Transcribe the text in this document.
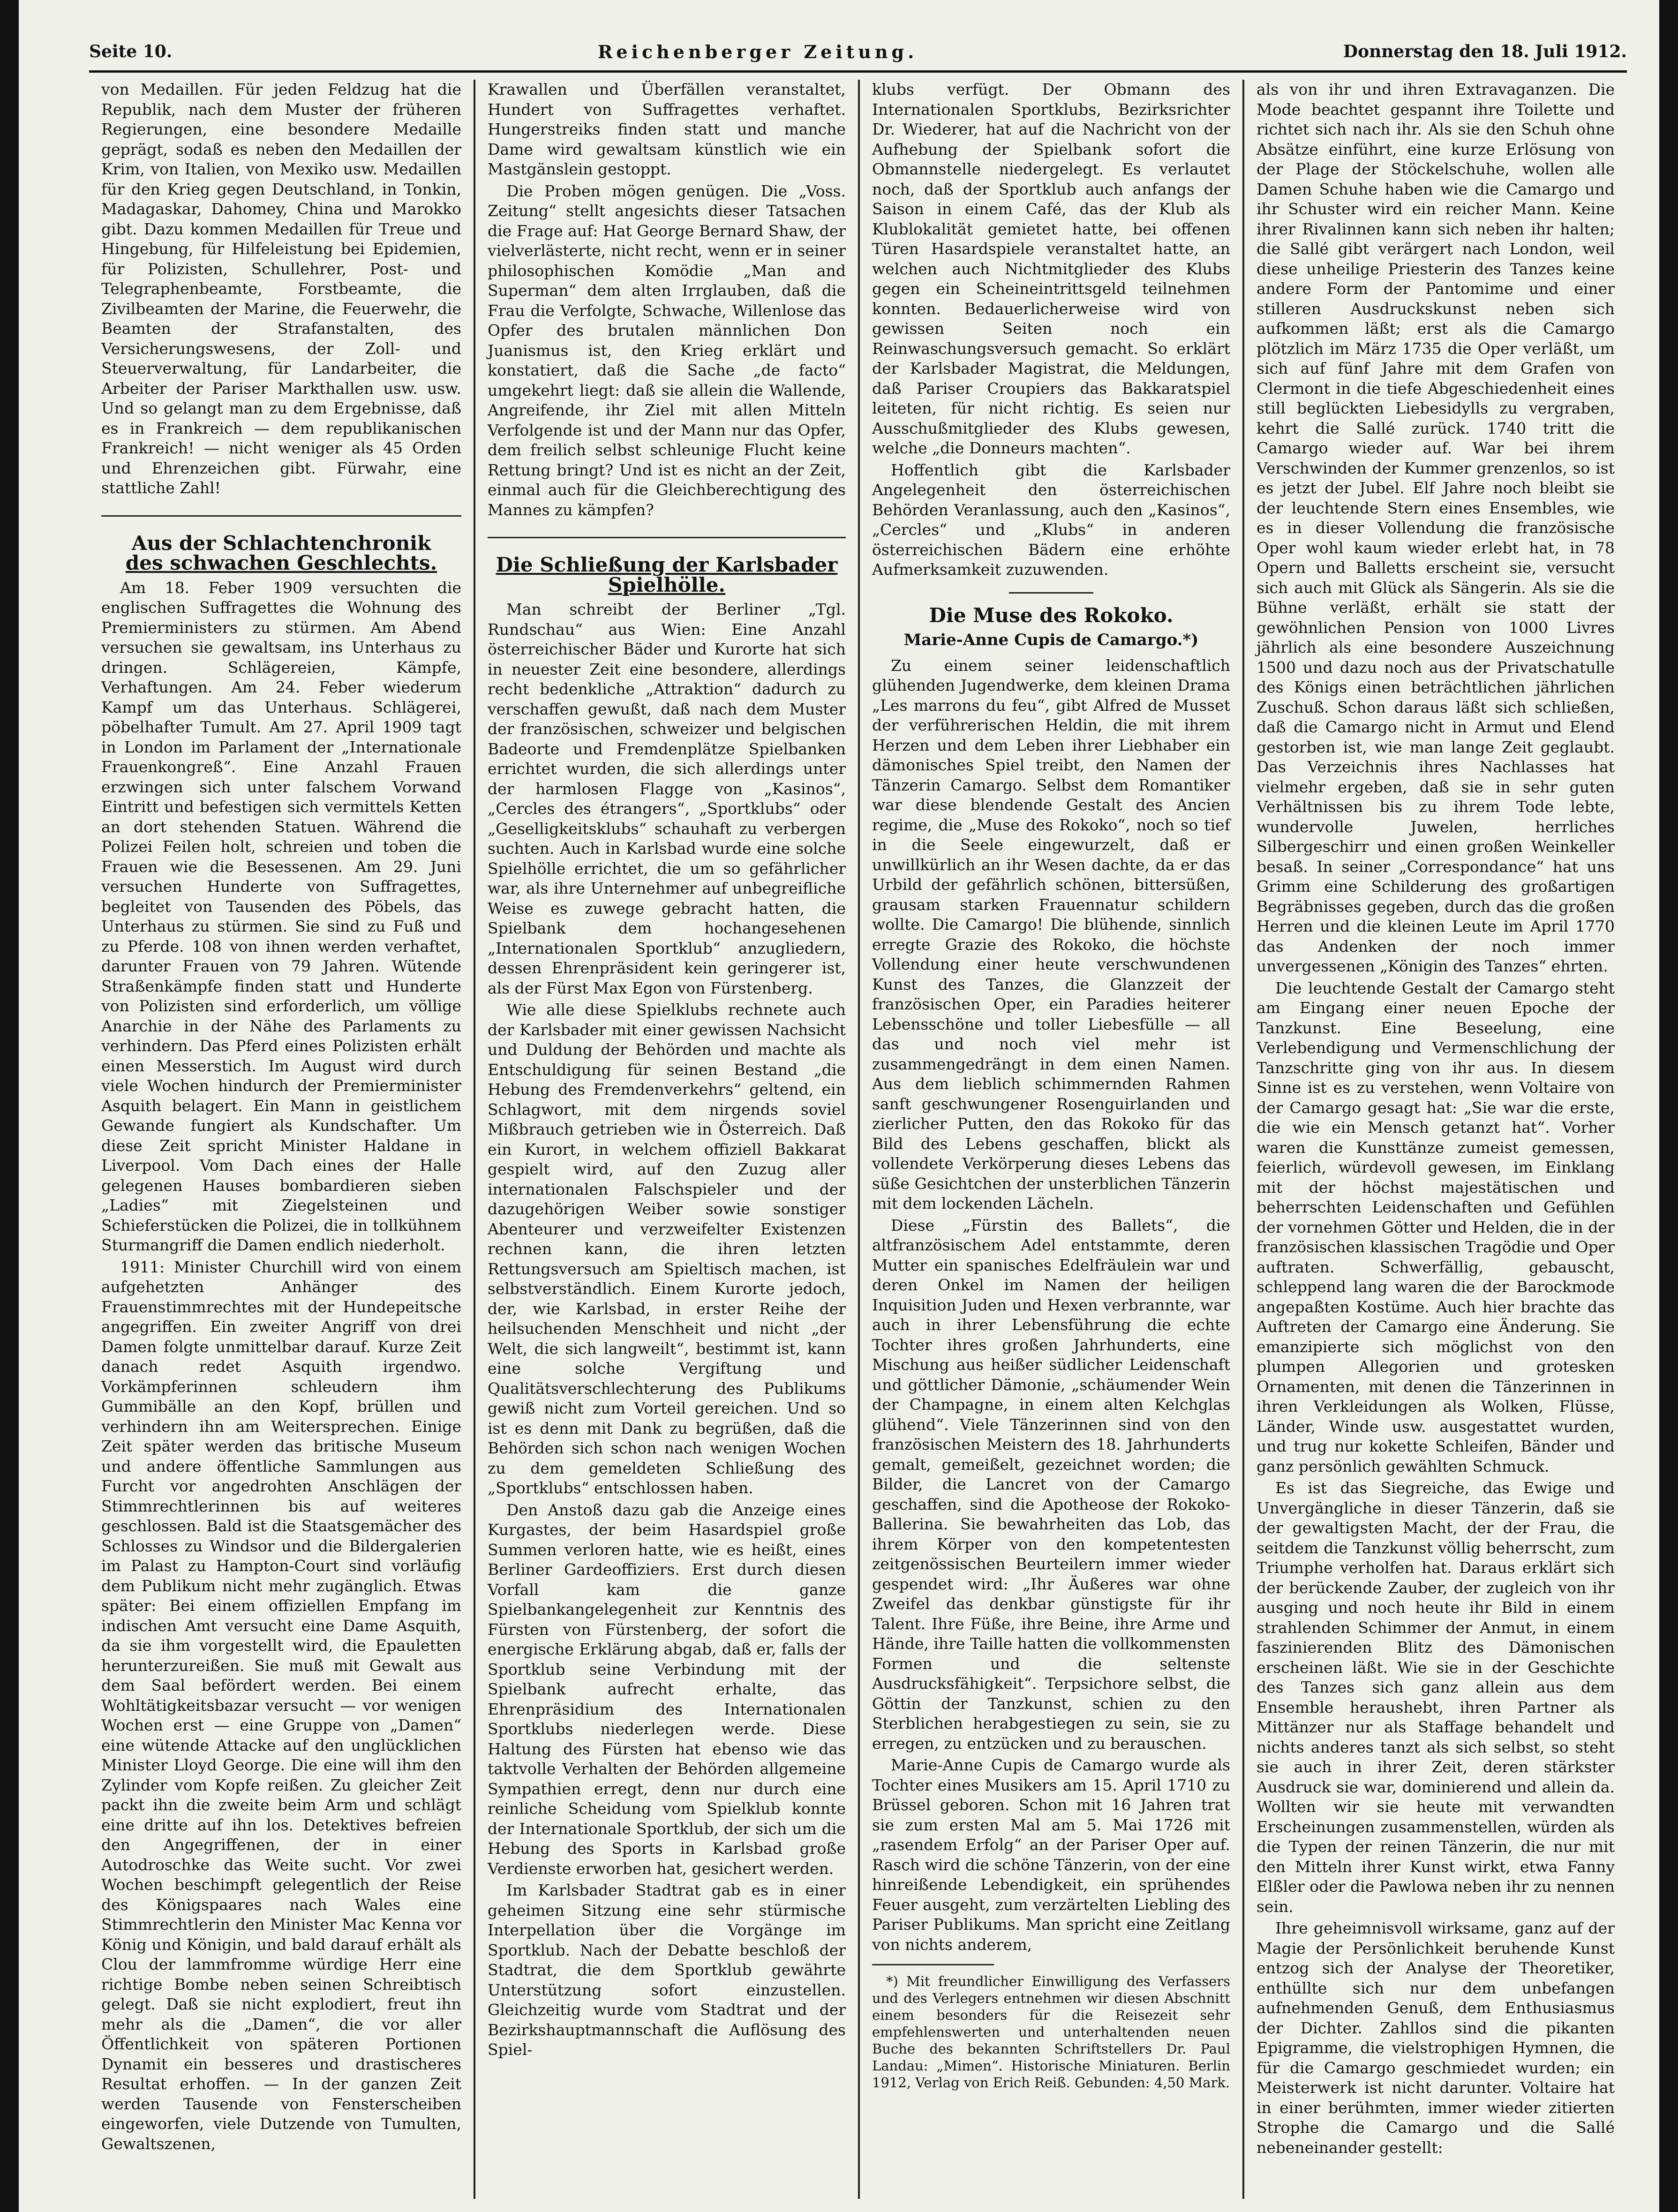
Seite 10.	Reichenberger Zeitung.	Donnerstag den 18. Juli 1912.

von Medaillen. Für jeden Feldzug hat die Republik, nach dem Muster der früheren Regierungen, eine besondere Medaille geprägt, sodaß es neben den Medaillen der Krim, von Italien, von Mexiko usw. Medaillen für den Krieg gegen Deutschland, in Tonkin, Madagaskar, Dahomey, China und Marokko gibt. Dazu kommen Medaillen für Treue und Hingebung, für Hilfeleistung bei Epidemien, für Polizisten, Schullehrer, Post- und Telegraphenbeamte, Forstbeamte, die Zivilbeamten der Marine, die Feuerwehr, die Beamten der Strafanstalten, des Versicherungswesens, der Zoll- und Steuerverwaltung, für Landarbeiter, die Arbeiter der Pariser Markthallen usw. usw. Und so gelangt man zu dem Ergebnisse, daß es in Frankreich — dem republikanischen Frankreich! — nicht weniger als 45 Orden und Ehrenzeichen gibt. Fürwahr, eine stattliche Zahl!

Aus der Schlachtenchronik
des schwachen Geschlechts.

Am 18. Feber 1909 versuchten die englischen Suffragettes die Wohnung des Premierministers zu stürmen. Am Abend versuchen sie gewaltsam, ins Unterhaus zu dringen. Schlägereien, Kämpfe, Verhaftungen. Am 24. Feber wiederum Kampf um das Unterhaus. Schlägerei, pöbelhafter Tumult. Am 27. April 1909 tagt in London im Parlament der „Internationale Frauenkongreß“. Eine Anzahl Frauen erzwingen sich unter falschem Vorwand Eintritt und befestigen sich vermittels Ketten an dort stehenden Statuen. Während die Polizei Feilen holt, schreien und toben die Frauen wie die Besessenen. Am 29. Juni versuchen Hunderte von Suffragettes, begleitet von Tausenden des Pöbels, das Unterhaus zu stürmen. Sie sind zu Fuß und zu Pferde. 108 von ihnen werden verhaftet, darunter Frauen von 79 Jahren. Wütende Straßenkämpfe finden statt und Hunderte von Polizisten sind erforderlich, um völlige Anarchie in der Nähe des Parlaments zu verhindern. Das Pferd eines Polizisten erhält einen Messerstich. Im August wird durch viele Wochen hindurch der Premierminister Asquith belagert. Ein Mann in geistlichem Gewande fungiert als Kundschafter. Um diese Zeit spricht Minister Haldane in Liverpool. Vom Dach eines der Halle gelegenen Hauses bombardieren sieben „Ladies“ mit Ziegelsteinen und Schieferstücken die Polizei, die in tollkühnem Sturmangriff die Damen endlich niederholt.

1911: Minister Churchill wird von einem aufgehetzten Anhänger des Frauenstimmrechtes mit der Hundepeitsche angegriffen. Ein zweiter Angriff von drei Damen folgte unmittelbar darauf. Kurze Zeit danach redet Asquith irgendwo. Vorkämpferinnen schleudern ihm Gummibälle an den Kopf, brüllen und verhindern ihn am Weitersprechen. Einige Zeit später werden das britische Museum und andere öffentliche Sammlungen aus Furcht vor angedrohten Anschlägen der Stimmrechtlerinnen bis auf weiteres geschlossen. Bald ist die Staatsgemächer des Schlosses zu Windsor und die Bildergalerien im Palast zu Hampton-Court sind vorläufig dem Publikum nicht mehr zugänglich. Etwas später: Bei einem offiziellen Empfang im indischen Amt versucht eine Dame Asquith, da sie ihm vorgestellt wird, die Epauletten herunterzureißen. Sie muß mit Gewalt aus dem Saal befördert werden. Bei einem Wohltätigkeitsbazar versucht — vor wenigen Wochen erst — eine Gruppe von „Damen“ eine wütende Attacke auf den unglücklichen Minister Lloyd George. Die eine will ihm den Zylinder vom Kopfe reißen. Zu gleicher Zeit packt ihn die zweite beim Arm und schlägt eine dritte auf ihn los. Detektives befreien den Angegriffenen, der in einer Autodroschke das Weite sucht. Vor zwei Wochen beschimpft gelegentlich der Reise des Königspaares nach Wales eine Stimmrechtlerin den Minister Mac Kenna vor König und Königin, und bald darauf erhält als Clou der lammfromme würdige Herr eine richtige Bombe neben seinen Schreibtisch gelegt. Daß sie nicht explodiert, freut ihn mehr als die „Damen“, die vor aller Öffentlichkeit von späteren Portionen Dynamit ein besseres und drastischeres Resultat erhoffen. — In der ganzen Zeit werden Tausende von Fensterscheiben eingeworfen, viele Dutzende von Tumulten, Gewaltszenen,

Krawallen und Überfällen veranstaltet, Hundert von Suffragettes verhaftet. Hungerstreiks finden statt und manche Dame wird gewaltsam künstlich wie ein Mastgänslein gestoppt.

Die Proben mögen genügen. Die „Voss. Zeitung“ stellt angesichts dieser Tatsachen die Frage auf: Hat George Bernard Shaw, der vielverlästerte, nicht recht, wenn er in seiner philosophischen Komödie „Man and Superman“ dem alten Irrglauben, daß die Frau die Verfolgte, Schwache, Willenlose das Opfer des brutalen männlichen Don Juanismus ist, den Krieg erklärt und konstatiert, daß die Sache „de facto“ umgekehrt liegt: daß sie allein die Wallende, Angreifende, ihr Ziel mit allen Mitteln Verfolgende ist und der Mann nur das Opfer, dem freilich selbst schleunige Flucht keine Rettung bringt? Und ist es nicht an der Zeit, einmal auch für die Gleichberechtigung des Mannes zu kämpfen?

Die Schließung der Karlsbader Spielhölle.

Man schreibt der Berliner „Tgl. Rundschau“ aus Wien: Eine Anzahl österreichischer Bäder und Kurorte hat sich in neuester Zeit eine besondere, allerdings recht bedenkliche „Attraktion“ dadurch zu verschaffen gewußt, daß nach dem Muster der französischen, schweizer und belgischen Badeorte und Fremdenplätze Spielbanken errichtet wurden, die sich allerdings unter der harmlosen Flagge von „Kasinos“, „Cercles des étrangers“, „Sportklubs“ oder „Geselligkeitsklubs“ schauhaft zu verbergen suchten. Auch in Karlsbad wurde eine solche Spielhölle errichtet, die um so gefährlicher war, als ihre Unternehmer auf unbegreifliche Weise es zuwege gebracht hatten, die Spielbank dem hochangesehenen „Internationalen Sportklub“ anzugliedern, dessen Ehrenpräsident kein geringerer ist, als der Fürst Max Egon von Fürstenberg.

Wie alle diese Spielklubs rechnete auch der Karlsbader mit einer gewissen Nachsicht und Duldung der Behörden und machte als Entschuldigung für seinen Bestand „die Hebung des Fremdenverkehrs“ geltend, ein Schlagwort, mit dem nirgends soviel Mißbrauch getrieben wie in Österreich. Daß ein Kurort, in welchem offiziell Bakkarat gespielt wird, auf den Zuzug aller internationalen Falschspieler und der dazugehörigen Weiber sowie sonstiger Abenteurer und verzweifelter Existenzen rechnen kann, die ihren letzten Rettungsversuch am Spieltisch machen, ist selbstverständlich. Einem Kurorte jedoch, der, wie Karlsbad, in erster Reihe der heilsuchenden Menschheit und nicht „der Welt, die sich langweilt“, bestimmt ist, kann eine solche Vergiftung und Qualitätsverschlechterung des Publikums gewiß nicht zum Vorteil gereichen. Und so ist es denn mit Dank zu begrüßen, daß die Behörden sich schon nach wenigen Wochen zu dem gemeldeten Schließung des „Sportklubs“ entschlossen haben.

Den Anstoß dazu gab die Anzeige eines Kurgastes, der beim Hasardspiel große Summen verloren hatte, wie es heißt, eines Berliner Gardeoffiziers. Erst durch diesen Vorfall kam die ganze Spielbankangelegenheit zur Kenntnis des Fürsten von Fürstenberg, der sofort die energische Erklärung abgab, daß er, falls der Sportklub seine Verbindung mit der Spielbank aufrecht erhalte, das Ehrenpräsidium des Internationalen Sportklubs niederlegen werde. Diese Haltung des Fürsten hat ebenso wie das taktvolle Verhalten der Behörden allgemeine Sympathien erregt, denn nur durch eine reinliche Scheidung vom Spielklub konnte der Internationale Sportklub, der sich um die Hebung des Sports in Karlsbad große Verdienste erworben hat, gesichert werden.

Im Karlsbader Stadtrat gab es in einer geheimen Sitzung eine sehr stürmische Interpellation über die Vorgänge im Sportklub. Nach der Debatte beschloß der Stadtrat, die dem Sportklub gewährte Unterstützung sofort einzustellen. Gleichzeitig wurde vom Stadtrat und der Bezirkshauptmannschaft die Auflösung des Spiel-

klubs verfügt. Der Obmann des Internationalen Sportklubs, Bezirksrichter Dr. Wiederer, hat auf die Nachricht von der Aufhebung der Spielbank sofort die Obmannstelle niedergelegt. Es verlautet noch, daß der Sportklub auch anfangs der Saison in einem Café, das der Klub als Klublokalität gemietet hatte, bei offenen Türen Hasardspiele veranstaltet hatte, an welchen auch Nichtmitglieder des Klubs gegen ein Scheineintrittsgeld teilnehmen konnten. Bedauerlicherweise wird von gewissen Seiten noch ein Reinwaschungsversuch gemacht. So erklärt der Karlsbader Magistrat, die Meldungen, daß Pariser Croupiers das Bakkaratspiel leiteten, für nicht richtig. Es seien nur Ausschußmitglieder des Klubs gewesen, welche „die Donneurs machten“.

Hoffentlich gibt die Karlsbader Angelegenheit den österreichischen Behörden Veranlassung, auch den „Kasinos“, „Cercles“ und „Klubs“ in anderen österreichischen Bädern eine erhöhte Aufmerksamkeit zuzuwenden.

Die Muse des Rokoko.
Marie-Anne Cupis de Camargo.*)

Zu einem seiner leidenschaftlich glühenden Jugendwerke, dem kleinen Drama „Les marrons du feu“, gibt Alfred de Musset der verführerischen Heldin, die mit ihrem Herzen und dem Leben ihrer Liebhaber ein dämonisches Spiel treibt, den Namen der Tänzerin Camargo. Selbst dem Romantiker war diese blendende Gestalt des Ancien regime, die „Muse des Rokoko“, noch so tief in die Seele eingewurzelt, daß er unwillkürlich an ihr Wesen dachte, da er das Urbild der gefährlich schönen, bittersüßen, grausam starken Frauennatur schildern wollte. Die Camargo! Die blühende, sinnlich erregte Grazie des Rokoko, die höchste Vollendung einer heute verschwundenen Kunst des Tanzes, die Glanzzeit der französischen Oper, ein Paradies heiterer Lebensschöne und toller Liebesfülle — all das und noch viel mehr ist zusammengedrängt in dem einen Namen. Aus dem lieblich schimmernden Rahmen sanft geschwungener Rosenguirlanden und zierlicher Putten, den das Rokoko für das Bild des Lebens geschaffen, blickt als vollendete Verkörperung dieses Lebens das süße Gesichtchen der unsterblichen Tänzerin mit dem lockenden Lächeln.

Diese „Fürstin des Ballets“, die altfranzösischem Adel entstammte, deren Mutter ein spanisches Edelfräulein war und deren Onkel im Namen der heiligen Inquisition Juden und Hexen verbrannte, war auch in ihrer Lebensführung die echte Tochter ihres großen Jahrhunderts, eine Mischung aus heißer südlicher Leidenschaft und göttlicher Dämonie, „schäumender Wein der Champagne, in einem alten Kelchglas glühend“. Viele Tänzerinnen sind von den französischen Meistern des 18. Jahrhunderts gemalt, gemeißelt, gezeichnet worden; die Bilder, die Lancret von der Camargo geschaffen, sind die Apotheose der Rokoko-Ballerina. Sie bewahrheiten das Lob, das ihrem Körper von den kompetentesten zeitgenössischen Beurteilern immer wieder gespendet wird: „Ihr Äußeres war ohne Zweifel das denkbar günstigste für ihr Talent. Ihre Füße, ihre Beine, ihre Arme und Hände, ihre Taille hatten die vollkommensten Formen und die seltenste Ausdrucksfähigkeit“. Terpsichore selbst, die Göttin der Tanzkunst, schien zu den Sterblichen herabgestiegen zu sein, sie zu erregen, zu entzücken und zu berauschen.

Marie-Anne Cupis de Camargo wurde als Tochter eines Musikers am 15. April 1710 zu Brüssel geboren. Schon mit 16 Jahren trat sie zum ersten Mal am 5. Mai 1726 mit „rasendem Erfolg“ an der Pariser Oper auf. Rasch wird die schöne Tänzerin, von der eine hinreißende Lebendigkeit, ein sprühendes Feuer ausgeht, zum verzärtelten Liebling des Pariser Publikums. Man spricht eine Zeitlang von nichts anderem,

*) Mit freundlicher Einwilligung des Verfassers und des Verlegers entnehmen wir diesen Abschnitt einem besonders für die Reisezeit sehr empfehlenswerten und unterhaltenden neuen Buche des bekannten Schriftstellers Dr. Paul Landau: „Mimen“. Historische Miniaturen. Berlin 1912, Verlag von Erich Reiß. Gebunden: 4,50 Mark.

als von ihr und ihren Extravaganzen. Die Mode beachtet gespannt ihre Toilette und richtet sich nach ihr. Als sie den Schuh ohne Absätze einführt, eine kurze Erlösung von der Plage der Stöckelschuhe, wollen alle Damen Schuhe haben wie die Camargo und ihr Schuster wird ein reicher Mann. Keine ihrer Rivalinnen kann sich neben ihr halten; die Sallé gibt verärgert nach London, weil diese unheilige Priesterin des Tanzes keine andere Form der Pantomime und einer stilleren Ausdruckskunst neben sich aufkommen läßt; erst als die Camargo plötzlich im März 1735 die Oper verläßt, um sich auf fünf Jahre mit dem Grafen von Clermont in die tiefe Abgeschiedenheit eines still beglückten Liebesidylls zu vergraben, kehrt die Sallé zurück. 1740 tritt die Camargo wieder auf. War bei ihrem Verschwinden der Kummer grenzenlos, so ist es jetzt der Jubel. Elf Jahre noch bleibt sie der leuchtende Stern eines Ensembles, wie es in dieser Vollendung die französische Oper wohl kaum wieder erlebt hat, in 78 Opern und Balletts erscheint sie, versucht sich auch mit Glück als Sängerin. Als sie die Bühne verläßt, erhält sie statt der gewöhnlichen Pension von 1000 Livres jährlich als eine besondere Auszeichnung 1500 und dazu noch aus der Privatschatulle des Königs einen beträchtlichen jährlichen Zuschuß. Schon daraus läßt sich schließen, daß die Camargo nicht in Armut und Elend gestorben ist, wie man lange Zeit geglaubt. Das Verzeichnis ihres Nachlasses hat vielmehr ergeben, daß sie in sehr guten Verhältnissen bis zu ihrem Tode lebte, wundervolle Juwelen, herrliches Silbergeschirr und einen großen Weinkeller besaß. In seiner „Correspondance“ hat uns Grimm eine Schilderung des großartigen Begräbnisses gegeben, durch das die großen Herren und die kleinen Leute im April 1770 das Andenken der noch immer unvergessenen „Königin des Tanzes“ ehrten.

Die leuchtende Gestalt der Camargo steht am Eingang einer neuen Epoche der Tanzkunst. Eine Beseelung, eine Verlebendigung und Vermenschlichung der Tanzschritte ging von ihr aus. In diesem Sinne ist es zu verstehen, wenn Voltaire von der Camargo gesagt hat: „Sie war die erste, die wie ein Mensch getanzt hat“. Vorher waren die Kunsttänze zumeist gemessen, feierlich, würdevoll gewesen, im Einklang mit der höchst majestätischen und beherrschten Leidenschaften und Gefühlen der vornehmen Götter und Helden, die in der französischen klassischen Tragödie und Oper auftraten. Schwerfällig, gebauscht, schleppend lang waren die der Barockmode angepaßten Kostüme. Auch hier brachte das Auftreten der Camargo eine Änderung. Sie emanzipierte sich möglichst von den plumpen Allegorien und grotesken Ornamenten, mit denen die Tänzerinnen in ihren Verkleidungen als Wolken, Flüsse, Länder, Winde usw. ausgestattet wurden, und trug nur kokette Schleifen, Bänder und ganz persönlich gewählten Schmuck.

Es ist das Siegreiche, das Ewige und Unvergängliche in dieser Tänzerin, daß sie der gewaltigsten Macht, der der Frau, die seitdem die Tanzkunst völlig beherrscht, zum Triumphe verholfen hat. Daraus erklärt sich der berückende Zauber, der zugleich von ihr ausging und noch heute ihr Bild in einem strahlenden Schimmer der Anmut, in einem faszinierenden Blitz des Dämonischen erscheinen läßt. Wie sie in der Geschichte des Tanzes sich ganz allein aus dem Ensemble heraushebt, ihren Partner als Mittänzer nur als Staffage behandelt und nichts anderes tanzt als sich selbst, so steht sie auch in ihrer Zeit, deren stärkster Ausdruck sie war, dominierend und allein da. Wollten wir sie heute mit verwandten Erscheinungen zusammenstellen, würden als die Typen der reinen Tänzerin, die nur mit den Mitteln ihrer Kunst wirkt, etwa Fanny Elßler oder die Pawlowa neben ihr zu nennen sein.

Ihre geheimnisvoll wirksame, ganz auf der Magie der Persönlichkeit beruhende Kunst entzog sich der Analyse der Theoretiker, enthüllte sich nur dem unbefangen aufnehmenden Genuß, dem Enthusiasmus der Dichter. Zahllos sind die pikanten Epigramme, die vielstrophigen Hymnen, die für die Camargo geschmiedet wurden; ein Meisterwerk ist nicht darunter. Voltaire hat in einer berühmten, immer wieder zitierten Strophe die Camargo und die Sallé nebeneinander gestellt:
